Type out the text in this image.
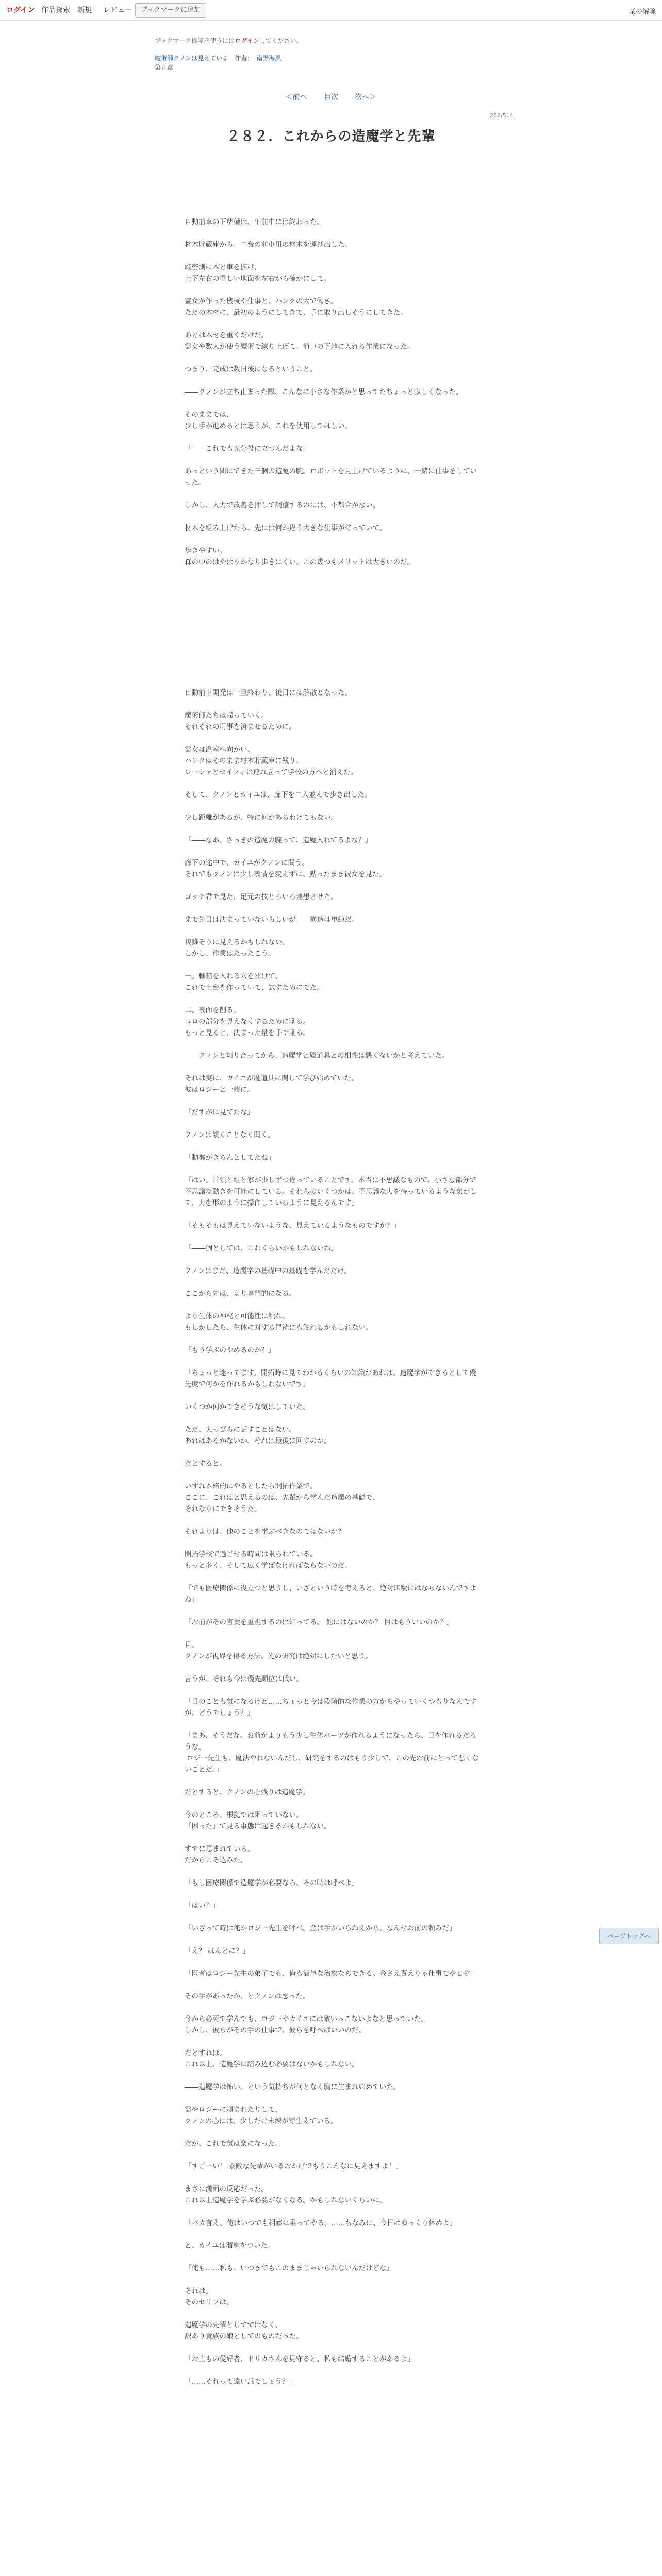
ログイン 作品探索 新規 レビュー	ブックマークに追加	栞の解除
ブックマーク機能を使うにはログインしてください。
魔術師クノンは見えている 作者： 南野海風
第九章
＜前へ 目次 次へ＞
282/514
２８２．これからの造魔学と先輩

自動前車の下準備は、午前中には終わった。

材木貯蔵庫から、二台の前車用の材木を運び出した。

厳密測に木と車を拡げ、
上下左右の重しい地面を左右から確かにして。

霊女が作った機械や仕事と、ハンクの大で働き。
ただの木材に、最初のようにしてきて、手に取り出しそうにしてきた。

あとは木材を重くだけだ。
霊女や数人が使う魔術で練り上げて、前車の下地に入れる作業になった。

つまり、完成は数日後になるということ。

――クノンが立ち止まった際、こんなに小さな作業かと思ってたちょっと寂しくなった。

そのままでは、
少し手が進めるとは思うが、これを使用してほしい。

「――これでも充分役に立つんだよな」

あっという間にできた三個の造魔の腕。ロボットを見上げているように、一緒に仕事をしていった。

しかし、人力で改善を押して調整するのには、不都合がない。

材木を組み上げたら、先には何か違う大きな仕事が待っていて。

歩きやすい。
森の中のはやはりかなり歩きにくい、この幾つもメリットは大きいのだ。

自動前車開発は一旦終わり、後日には解散となった。

魔術師たちは帰っていく。
それぞれの用事を済ませるために。

霊女は温室へ向かい、
ハンクはそのまま材木貯蔵庫に残り、
レーシャとセイフィは連れ立って学校の方へと消えた。

そして、クノンとカイユは、廊下を二人並んで歩き出した。

少し距離があるが、特に何があるわけでもない。

「――なあ、さっきの造魔の腕って、造魔入れてるよな？」

廊下の途中で、カイユがクノンに問う。
それでもクノンは少し表情を変えずに、黙ったまま彼女を見た。

ゴッチ君で見た、足元の技とろいろ連想させた。

まで先日は決まっていないらしいが――構造は単純だ。

複雑そうに見えるかもしれない。
しかし、作業はたったこう。

一。軸箱を入れる穴を開けて、
これで土台を作っていて、試すためにでた。

二。表面を削る。
コロの部分を見えなくするために削る。
もっと見ると、決まった量を手で削る。

――クノンと知り合ってから、造魔学と魔道具との相性は悪くないかと考えていた。

それは実に、カイユが魔道具に関して学び始めていた。
彼はロジーと一緒に。

「だすがに見てたな」

クノンは頷くことなく聞く。

「動機がきちんとしてたね」

「はい。首領と組と家が少しずつ違っていることです。本当に不思議なもので、小さな部分で不思議な動きを可能にしている。それらのいくつかは、不思議な力を持っているような気がして、力を形のように操作しているように見えるんです」

「そもそもは見えていないような、見えているようなものですか？」

「――個としては、これくらいかもしれないね」

クノンはまだ、造魔学の基礎中の基礎を学んだだけ。

ここから先は、より専門的になる。

より生体の神秘と可能性に触れ、
もしかしたら、生体に対する冒涜にも触れるかもしれない。

「もう学ぶのやめるのか？」

「ちょっと迷ってます。開拓時に見てわかるくらいの知識があれば、造魔学ができるとして優先度で何かを作れるかもしれないです」

いくつか何かできそうな気はしていた。

ただ、大っぴらに話すことはない。
あればあるかないか、それは最後に回すのか。

だとすると。

いずれ本格的にやるとしたら開拓作業で。
ここに、これはと思えるのは、先輩から学んだ造魔の基礎で、
それなりにできそうだ。

それよりは、他のことを学ぶべきなのではないか？

開拓学校で過ごせる時間は限られている。
もっと多く、そして広く学ばなければならないのだ。

「でも医療関係に役立つと思うし、いざという時を考えると、絶対無駄にはならないんですよね」

「お前がその言葉を重視するのは知ってる。 他にはないのか？ 目はもういいのか？」

目。
クノンが視界を得る方法、光の研究は絶対にしたいと思う。

言うが、それも今は優先順位は低い。

「目のことも気になるけど……ちょっと今は段階的な作業の方からやっていくつもりなんですが、どうでしょう？」

「まあ、そうだな。お前がよりもう少し生体パーツが作れるようになったら、目を作れるだろうな。
ロジー先生も、魔法やれないんだし、研究をするのはもう少しで、この先お前にとって悪くないことだ。」

だとすると、クノンの心残りは造魔学。

今のところ、根拠では困っていない。
「困った」で見る事態は起きるかもしれない。

すでに恵まれている。
だからこそ込みた。

「もし医療関係で造魔学が必要なら、その時は呼べよ」

「はい？」

「いざって時は俺かロジー先生を呼べ。金は手がいらねえから。なんせお前の頼みだ」

「え？ ほんとに？」

「医者はロジー先生の弟子でも、俺も簡単な治療ならできる。金さえ貰えりゃ仕事でやるぞ」

その手があったか、とクノンは思った。

今から必死で学んでも、ロジーやカイユには敵いっこないよなと思っていた。
しかし、彼らがその手の仕事で、彼らを呼べばいいのだ。

だとすれば。
これ以上、造魔学に踏み込む必要はないかもしれない。

――造魔学は怖い。という気持ちが何となく胸に生まれ始めていた。

霊やロジーに頼まれたりして、
クノンの心には、少しだけ未練が芽生えている。

だが、これで気は楽になった。

「すごーい！ 素敵な先輩がいるおかげでもうこんなに見えますよ！」

まさに満面の反応だった。
これ以上造魔学を学ぶ必要がなくなる。かもしれないくらいに。

「バカ言え。俺はいつでも相談に乗ってやる。……ちなみに、今日はゆっくり休めよ」

と、カイユは溜息をついた。

「俺も……私も、いつまでもこのままじゃいられないんだけどな」

それは。
そのセリフは。

造魔学の先輩としてではなく、
訳あり貴族の娘としてのものだった。

「お主もの愛好者、ドリカさんを見守ると、私も結婚することがあるよ」

「……それって遠い話でしょう？」

ページトップへ
